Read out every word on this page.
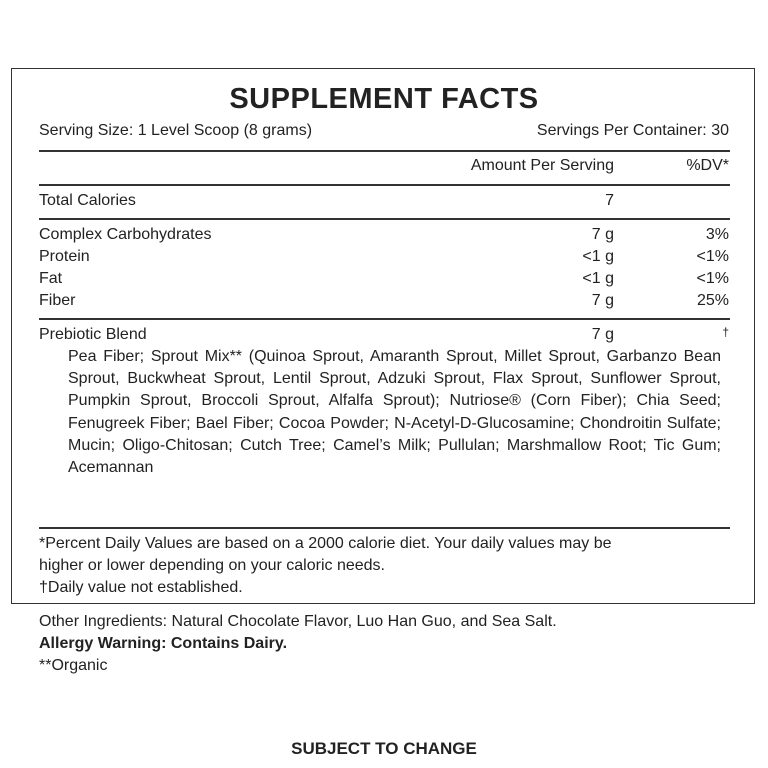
SUPPLEMENT FACTS
Serving Size: 1 Level Scoop (8 grams)	Servings Per Container: 30
Amount Per Serving	%DV*
Total Calories	7
Complex Carbohydrates	7 g	3%
Protein	<1 g	<1%
Fat	<1 g	<1%
Fiber	7 g	25%
Prebiotic Blend	7 g	†
Pea Fiber; Sprout Mix** (Quinoa Sprout, Amaranth Sprout, Millet Sprout, Garbanzo Bean Sprout, Buckwheat Sprout, Lentil Sprout, Adzuki Sprout, Flax Sprout, Sunflower Sprout, Pumpkin Sprout, Broccoli Sprout, Alfalfa Sprout); Nutriose® (Corn Fiber); Chia Seed; Fenugreek Fiber; Bael Fiber; Cocoa Powder; N-Acetyl-D-Glucosamine; Chondroitin Sulfate; Mucin; Oligo-Chitosan; Cutch Tree; Camel’s Milk; Pullulan; Marshmallow Root; Tic Gum; Acemannan
*Percent Daily Values are based on a 2000 calorie diet. Your daily values may be
higher or lower depending on your caloric needs.
†Daily value not established.
Other Ingredients: Natural Chocolate Flavor, Luo Han Guo, and Sea Salt.
Allergy Warning: Contains Dairy.
**Organic
SUBJECT TO CHANGE
